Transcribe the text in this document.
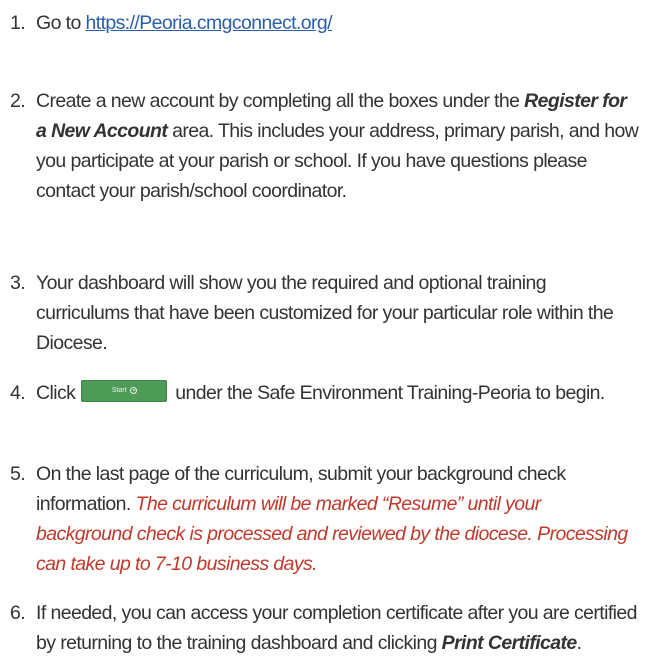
1. Go to https://Peoria.cmgconnect.org/
2. Create a new account by completing all the boxes under the Register for a New Account area. This includes your address, primary parish, and how you participate at your parish or school. If you have questions please contact your parish/school coordinator.
3. Your dashboard will show you the required and optional training curriculums that have been customized for your particular role within the Diocese.
4. Click	Start under the Safe Environment Training-Peoria to begin.
5. On the last page of the curriculum, submit your background check information. The curriculum will be marked “Resume” until your background check is processed and reviewed by the diocese. Processing can take up to 7-10 business days.
6. If needed, you can access your completion certificate after you are certified by returning to the training dashboard and clicking Print Certificate.
